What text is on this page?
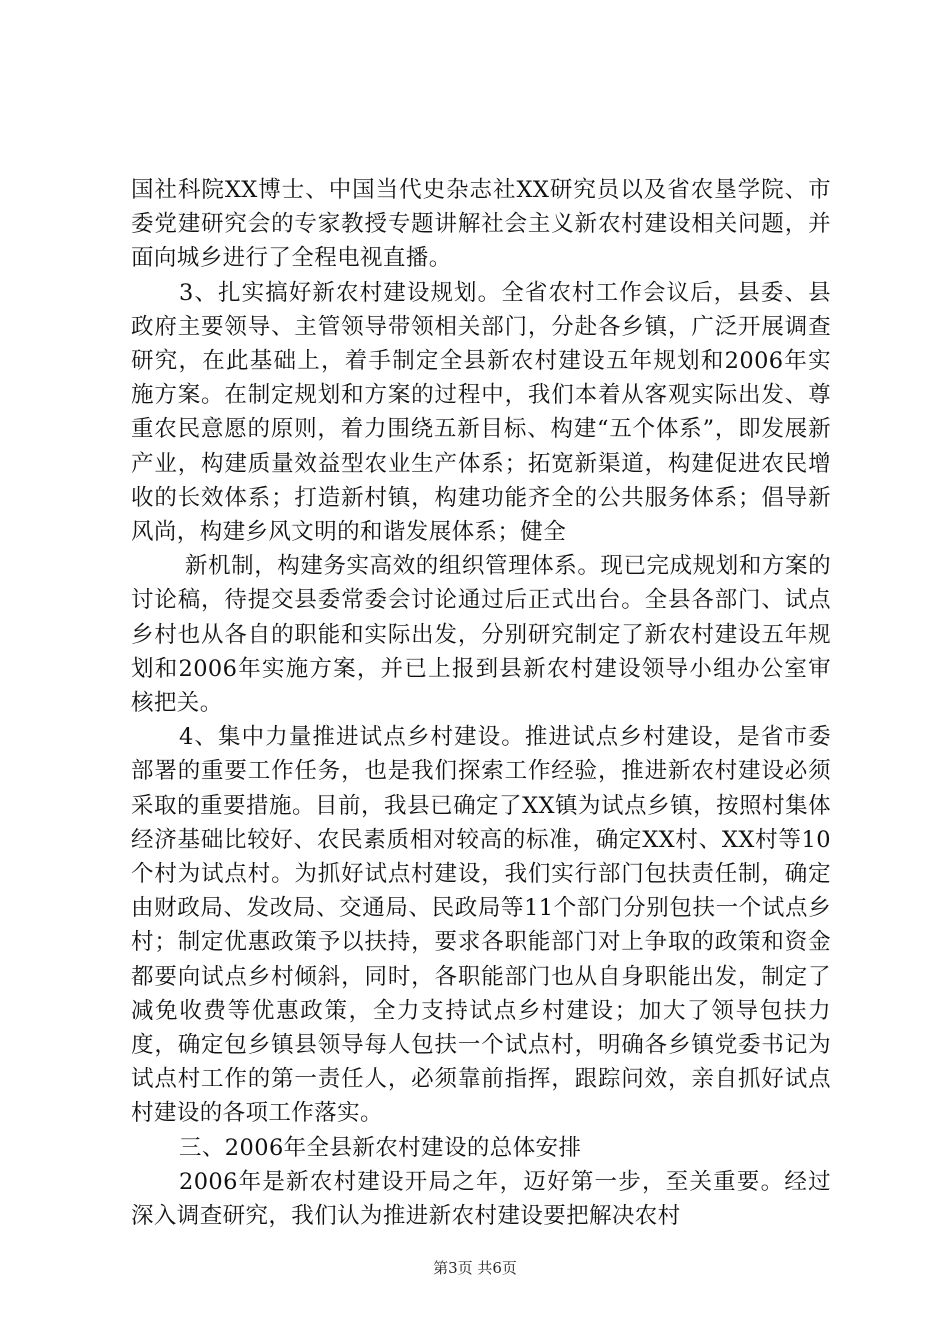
国社科院XX博士、中国当代史杂志社XX研究员以及省农垦学院、市委党建研究会的专家教授专题讲解社会主义新农村建设相关问题，并面向城乡进行了全程电视直播。

3、扎实搞好新农村建设规划。全省农村工作会议后，县委、县政府主要领导、主管领导带领相关部门，分赴各乡镇，广泛开展调查研究，在此基础上，着手制定全县新农村建设五年规划和2006年实施方案。在制定规划和方案的过程中，我们本着从客观实际出发、尊重农民意愿的原则，着力围绕五新目标、构建“五个体系”，即发展新产业，构建质量效益型农业生产体系；拓宽新渠道，构建促进农民增收的长效体系；打造新村镇，构建功能齐全的公共服务体系；倡导新风尚，构建乡风文明的和谐发展体系；健全

新机制，构建务实高效的组织管理体系。现已完成规划和方案的讨论稿，待提交县委常委会讨论通过后正式出台。全县各部门、试点乡村也从各自的职能和实际出发，分别研究制定了新农村建设五年规划和2006年实施方案，并已上报到县新农村建设领导小组办公室审核把关。

4、集中力量推进试点乡村建设。推进试点乡村建设，是省市委部署的重要工作任务，也是我们探索工作经验，推进新农村建设必须采取的重要措施。目前，我县已确定了XX镇为试点乡镇，按照村集体经济基础比较好、农民素质相对较高的标准，确定XX村、XX村等10个村为试点村。为抓好试点村建设，我们实行部门包扶责任制，确定由财政局、发改局、交通局、民政局等11个部门分别包扶一个试点乡村；制定优惠政策予以扶持，要求各职能部门对上争取的政策和资金都要向试点乡村倾斜，同时，各职能部门也从自身职能出发，制定了减免收费等优惠政策，全力支持试点乡村建设；加大了领导包扶力度，确定包乡镇县领导每人包扶一个试点村，明确各乡镇党委书记为试点村工作的第一责任人，必须靠前指挥，跟踪问效，亲自抓好试点村建设的各项工作落实。

三、2006年全县新农村建设的总体安排

2006年是新农村建设开局之年，迈好第一步，至关重要。经过深入调查研究，我们认为推进新农村建设要把解决农村

第3页 共6页
